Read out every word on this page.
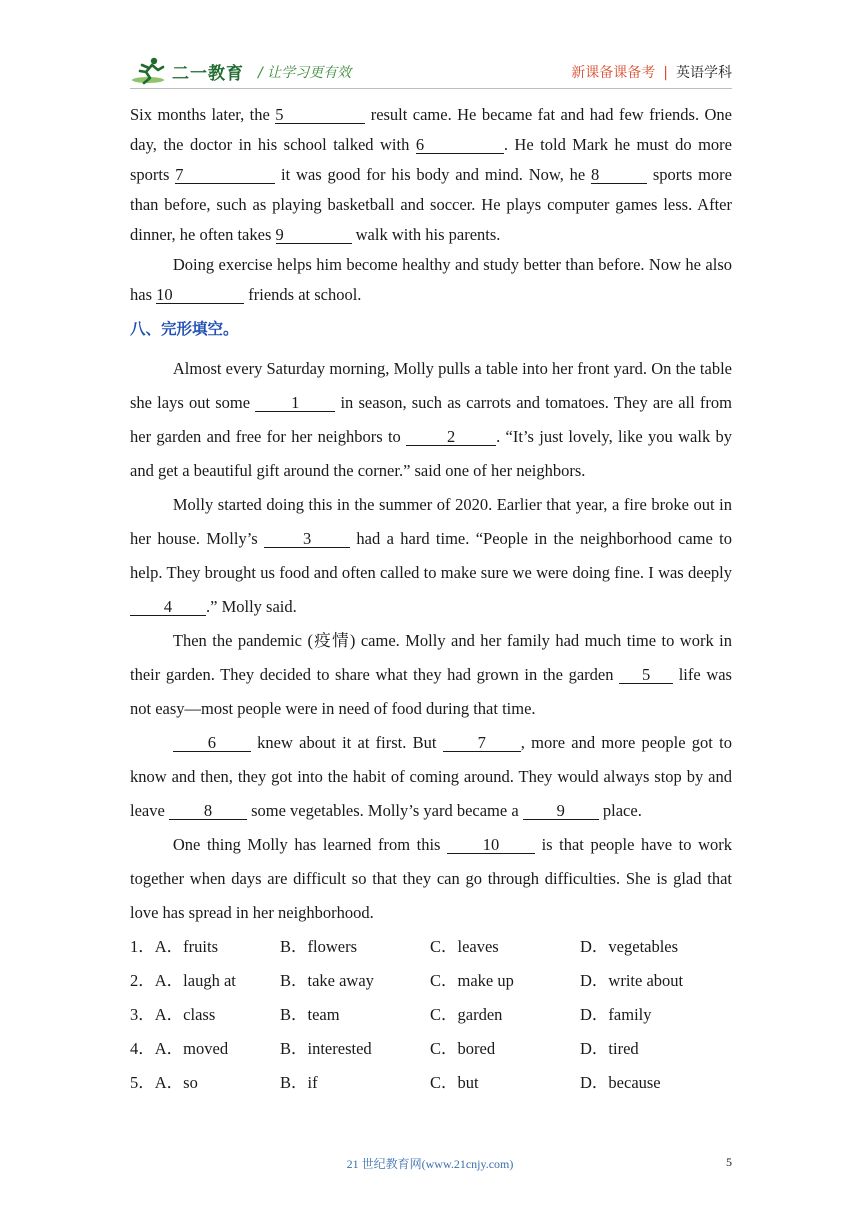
二一教育 / 让学习更有效	新课备课备考 | 英语学科

Six months later, the 5	result came. He became fat and had few friends. One day, the doctor in his school talked with 6	. He told Mark he must do more sports 7	it was good for his body and mind. Now, he 8	sports more than before, such as playing basketball and soccer. He plays computer games less. After dinner, he often takes 9	walk with his parents.

Doing exercise helps him become healthy and study better than before. Now he also has 10	friends at school.

八、完形填空。

Almost every Saturday morning, Molly pulls a table into her front yard. On the table she lays out some 1 in season, such as carrots and tomatoes. They are all from her garden and free for her neighbors to 2 . “It’s just lovely, like you walk by and get a beautiful gift around the corner.” said one of her neighbors.

Molly started doing this in the summer of 2020. Earlier that year, a fire broke out in her house. Molly’s 3 had a hard time. “People in the neighborhood came to help. They brought us food and often called to make sure we were doing fine. I was deeply 4 .” Molly said.

Then the pandemic (疫情) came. Molly and her family had much time to work in their garden. They decided to share what they had grown in the garden 5 life was not easy—most people were in need of food during that time.

6 knew about it at first. But 7 , more and more people got to know and then, they got into the habit of coming around. They would always stop by and leave 8 some vegetables. Molly’s yard became a 9 place.

One thing Molly has learned from this 10 is that people have to work together when days are difficult so that they can go through difficulties. She is glad that love has spread in her neighborhood.

1．A．fruits	B．flowers	C．leaves	D．vegetables
2．A．laugh at	B．take away	C．make up	D．write about
3．A．class	B．team	C．garden	D．family
4．A．moved	B．interested	C．bored	D．tired
5．A．so	B．if	C．but	D．because
21 世纪教育网(www.21cnjy.com)	5
